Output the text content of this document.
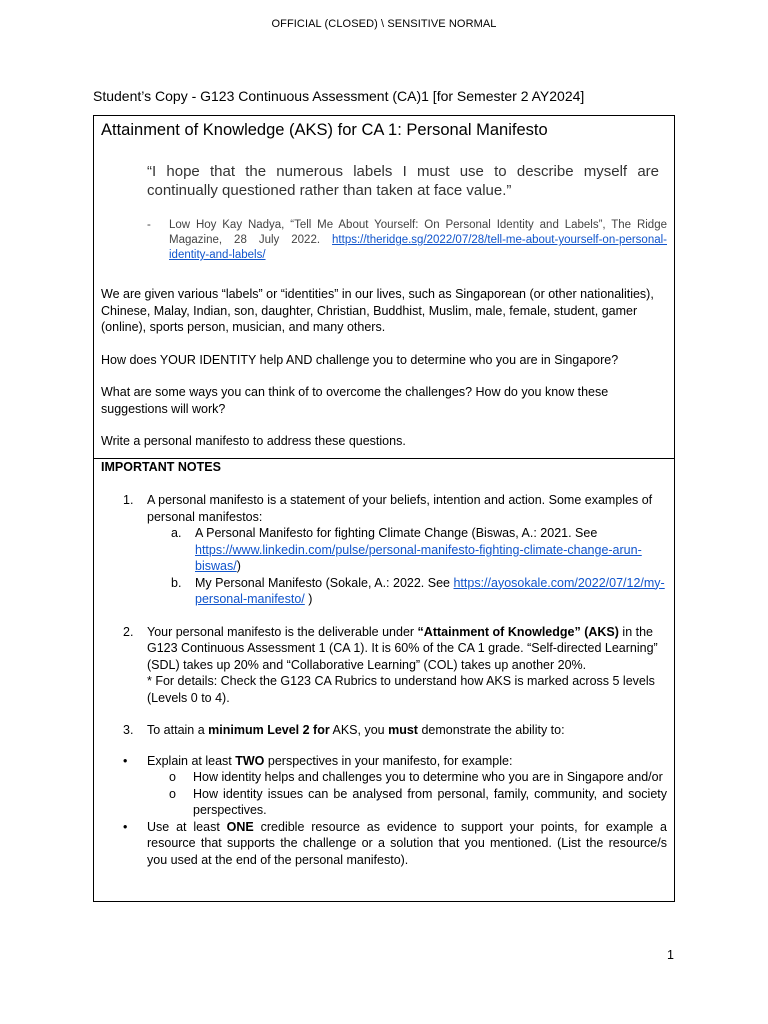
OFFICIAL (CLOSED) \ SENSITIVE NORMAL
Student’s Copy - G123 Continuous Assessment (CA)1 [for Semester 2 AY2024]
Attainment of Knowledge (AKS) for CA 1: Personal Manifesto
“I hope that the numerous labels I must use to describe myself are continually questioned rather than taken at face value.”
-	Low Hoy Kay Nadya, “Tell Me About Yourself: On Personal Identity and Labels”, The Ridge Magazine, 28 July 2022. https://theridge.sg/2022/07/28/tell-me-about-yourself-on-personal-identity-and-labels/
We are given various “labels” or “identities” in our lives, such as Singaporean (or other nationalities), Chinese, Malay, Indian, son, daughter, Christian, Buddhist, Muslim, male, female, student, gamer (online), sports person, musician, and many others.
How does YOUR IDENTITY help AND challenge you to determine who you are in Singapore?
What are some ways you can think of to overcome the challenges? How do you know these suggestions will work?
Write a personal manifesto to address these questions.
IMPORTANT NOTES
1.	A personal manifesto is a statement of your beliefs, intention and action. Some examples of personal manifestos:
a.	A Personal Manifesto for fighting Climate Change (Biswas, A.: 2021. See https://www.linkedin.com/pulse/personal-manifesto-fighting-climate-change-arun-biswas/)
b.	My Personal Manifesto (Sokale, A.: 2022. See https://ayosokale.com/2022/07/12/my-personal-manifesto/ )
2.	Your personal manifesto is the deliverable under “Attainment of Knowledge” (AKS) in the G123 Continuous Assessment 1 (CA 1). It is 60% of the CA 1 grade. “Self-directed Learning” (SDL) takes up 20% and “Collaborative Learning” (COL) takes up another 20%.
* For details: Check the G123 CA Rubrics to understand how AKS is marked across 5 levels (Levels 0 to 4).
3.	To attain a minimum Level 2 for AKS, you must demonstrate the ability to:
•	Explain at least TWO perspectives in your manifesto, for example:
o	How identity helps and challenges you to determine who you are in Singapore and/or
o	How identity issues can be analysed from personal, family, community, and society perspectives.
•	Use at least ONE credible resource as evidence to support your points, for example a resource that supports the challenge or a solution that you mentioned. (List the resource/s you used at the end of the personal manifesto).
1
